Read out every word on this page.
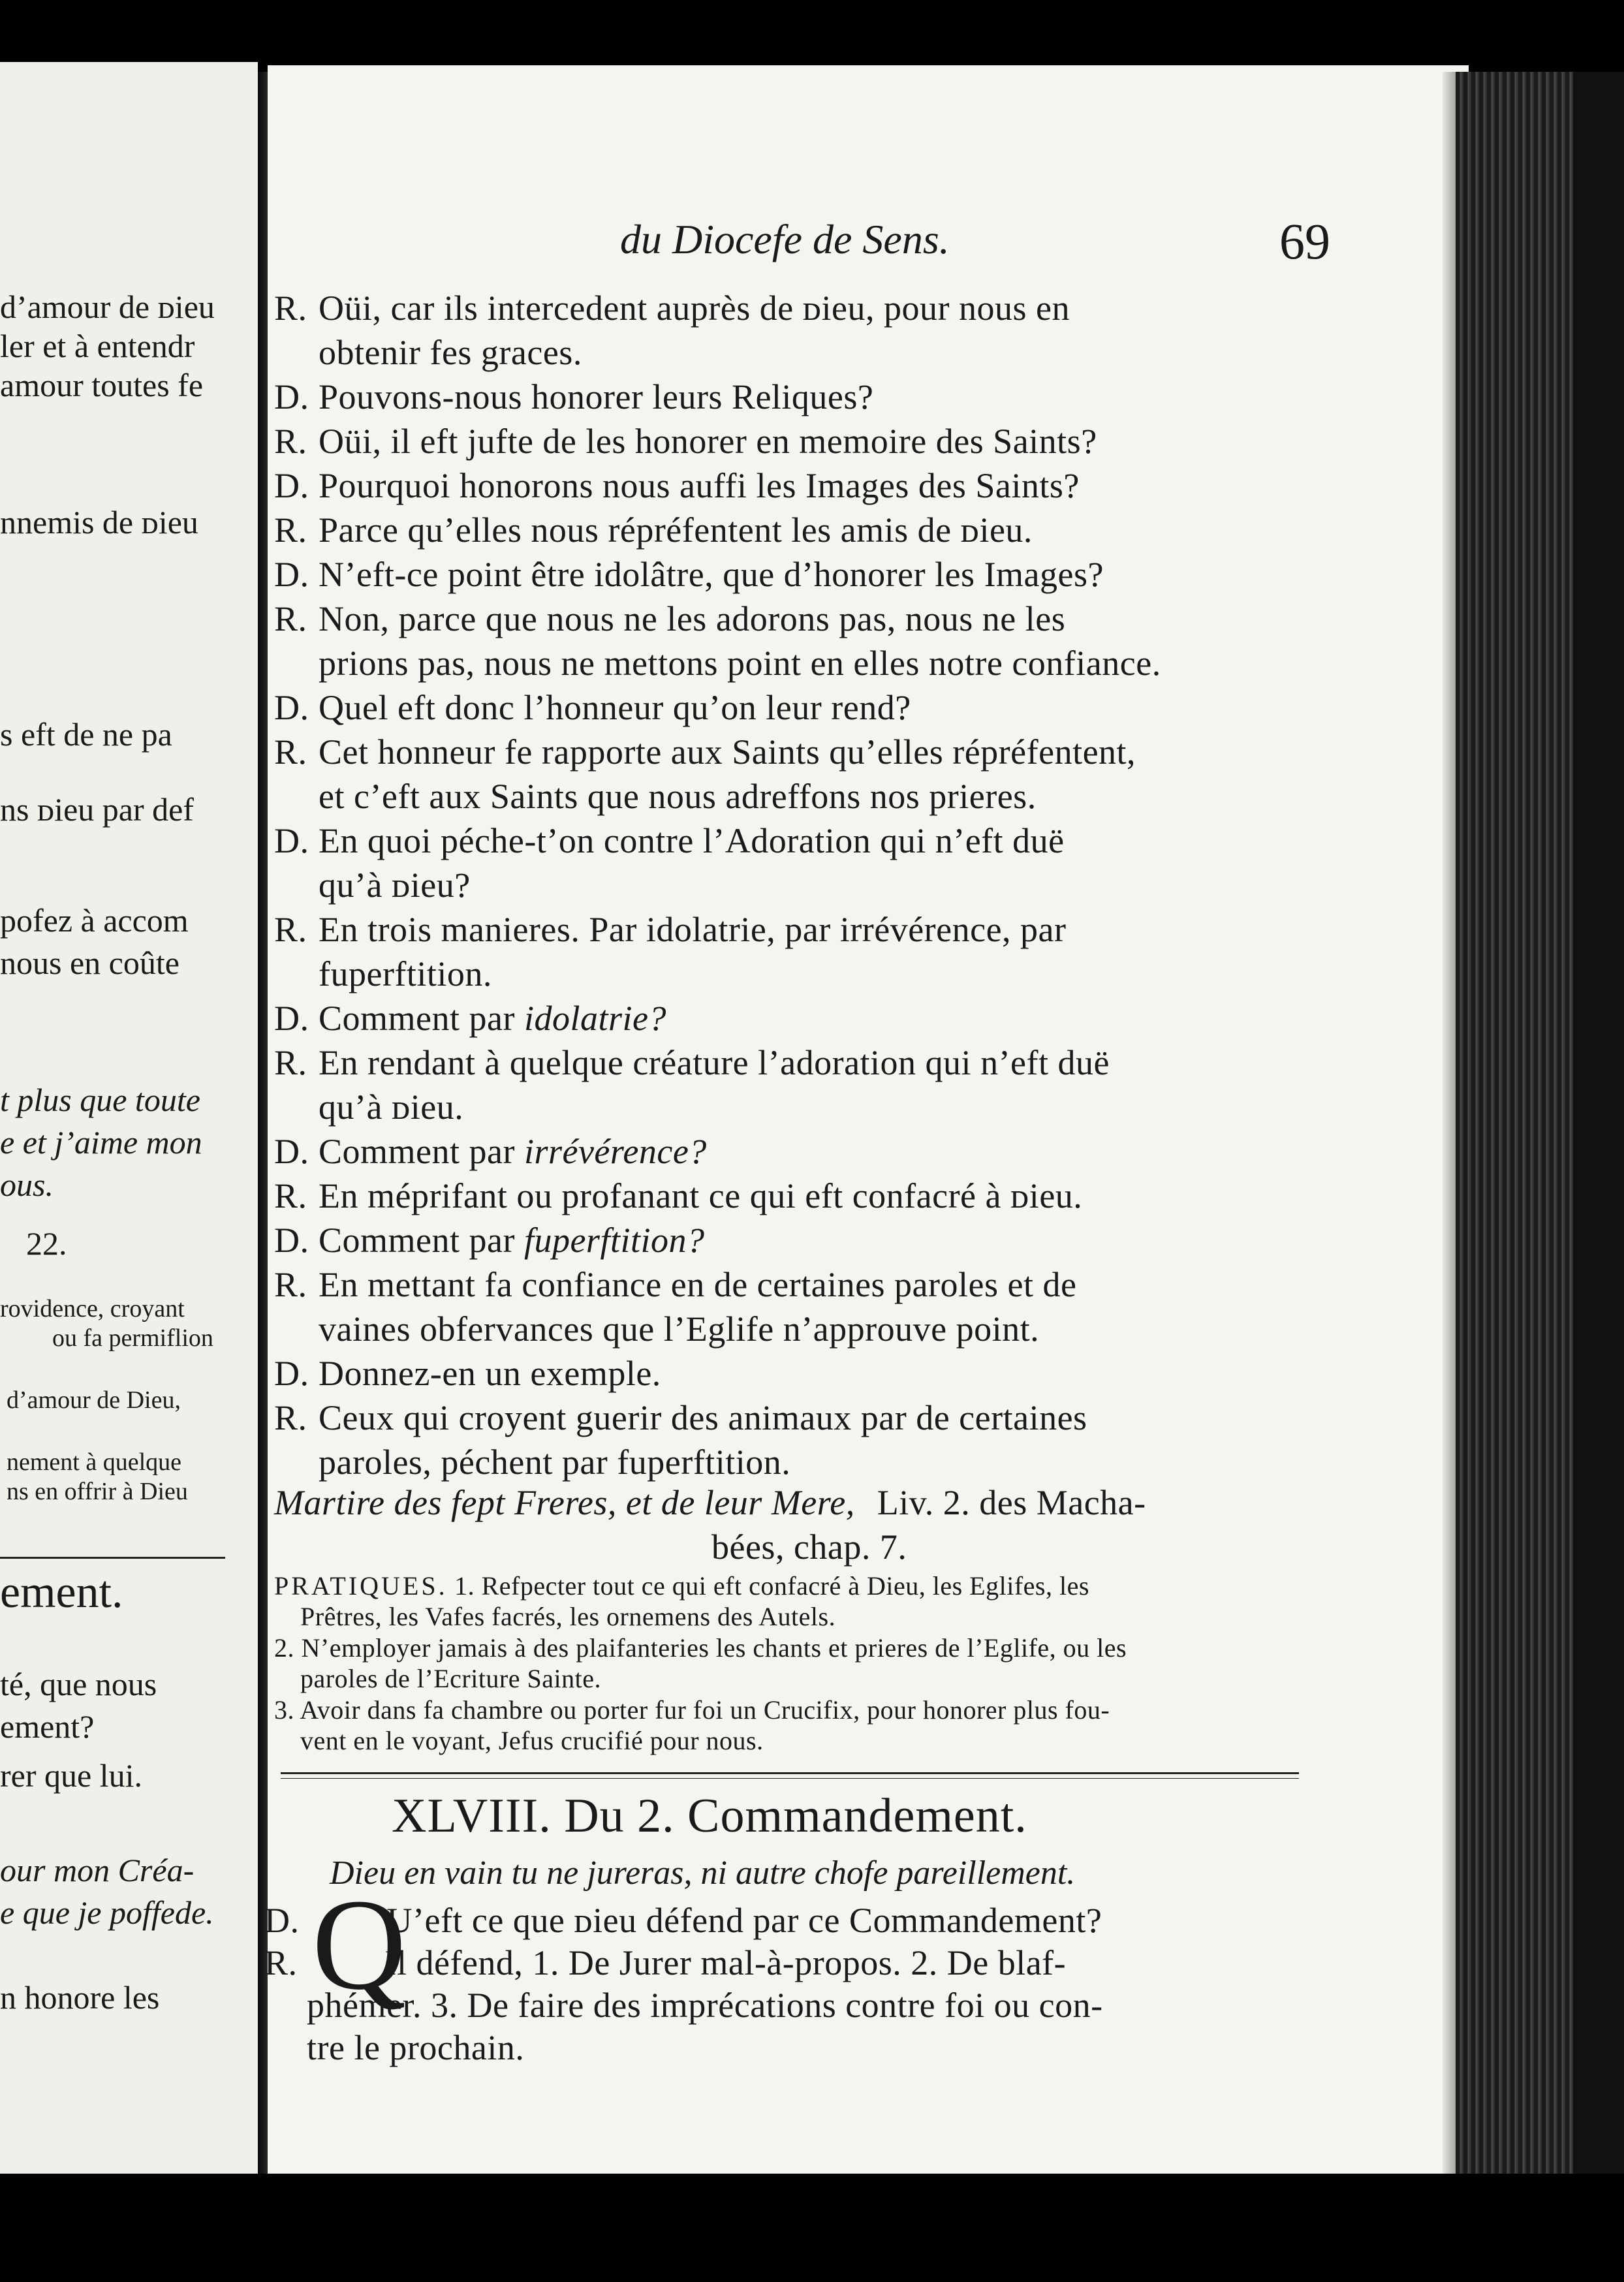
d’amour de ᴅieu
ler et à entendr
amour toutes fe
nnemis de ᴅieu
s eft de ne pa
ns ᴅieu par def
pofez à accom
nous en coûte
t plus que toute
e et j’aime mon
ous.
22.
rovidence, croyant
ou fa permiflion
d’amour de Dieu,
nement à quelque
ns en offrir à Dieu
ement.
té, que nous
ement?
rer que lui.
our mon Créa-
e que je poffede.
n honore les
du Diocefe de Sens.	69
R. Oüi, car ils intercedent auprès de ᴅieu, pour nous en
obtenir fes graces.
D. Pouvons-nous honorer leurs Reliques?
R. Oüi, il eft jufte de les honorer en memoire des Saints?
D. Pourquoi honorons nous auffi les Images des Saints?
R. Parce qu’elles nous répréfentent les amis de ᴅieu.
D. N’eft-ce point être idolâtre, que d’honorer les Images?
R. Non, parce que nous ne les adorons pas, nous ne les
prions pas, nous ne mettons point en elles notre confiance.
D. Quel eft donc l’honneur qu’on leur rend?
R. Cet honneur fe rapporte aux Saints qu’elles répréfentent,
et c’eft aux Saints que nous adreffons nos prieres.
D. En quoi péche-t’on contre l’Adoration qui n’eft duë
qu’à ᴅieu?
R. En trois manieres. Par idolatrie, par irrévérence, par
fuperftition.
D. Comment par idolatrie?
R. En rendant à quelque créature l’adoration qui n’eft duë
qu’à ᴅieu.
D. Comment par irrévérence?
R. En méprifant ou profanant ce qui eft confacré à ᴅieu.
D. Comment par fuperftition?
R. En mettant fa confiance en de certaines paroles et de
vaines obfervances que l’Eglife n’approuve point.
D. Donnez-en un exemple.
R. Ceux qui croyent guerir des animaux par de certaines
paroles, péchent par fuperftition.
Martire des fept Freres, et de leur Mere, Liv. 2. des Macha-
bées, chap. 7.
PRATIQUES. 1. Refpecter tout ce qui eft confacré à Dieu, les Eglifes, les
Prêtres, les Vafes facrés, les ornemens des Autels.
2. N’employer jamais à des plaifanteries les chants et prieres de l’Eglife, ou les
paroles de l’Ecriture Sainte.
3. Avoir dans fa chambre ou porter fur foi un Crucifix, pour honorer plus fou-
vent en le voyant, Jefus crucifié pour nous.
XLVIII. Du 2. Commandement.
Dieu en vain tu ne jureras, ni autre chofe pareillement.
Q
D. U’eft ce que ᴅieu défend par ce Commandement?
R. Il défend, 1. De Jurer mal-à-propos. 2. De blaf-
phémer. 3. De faire des imprécations contre foi ou con-
tre le prochain.
